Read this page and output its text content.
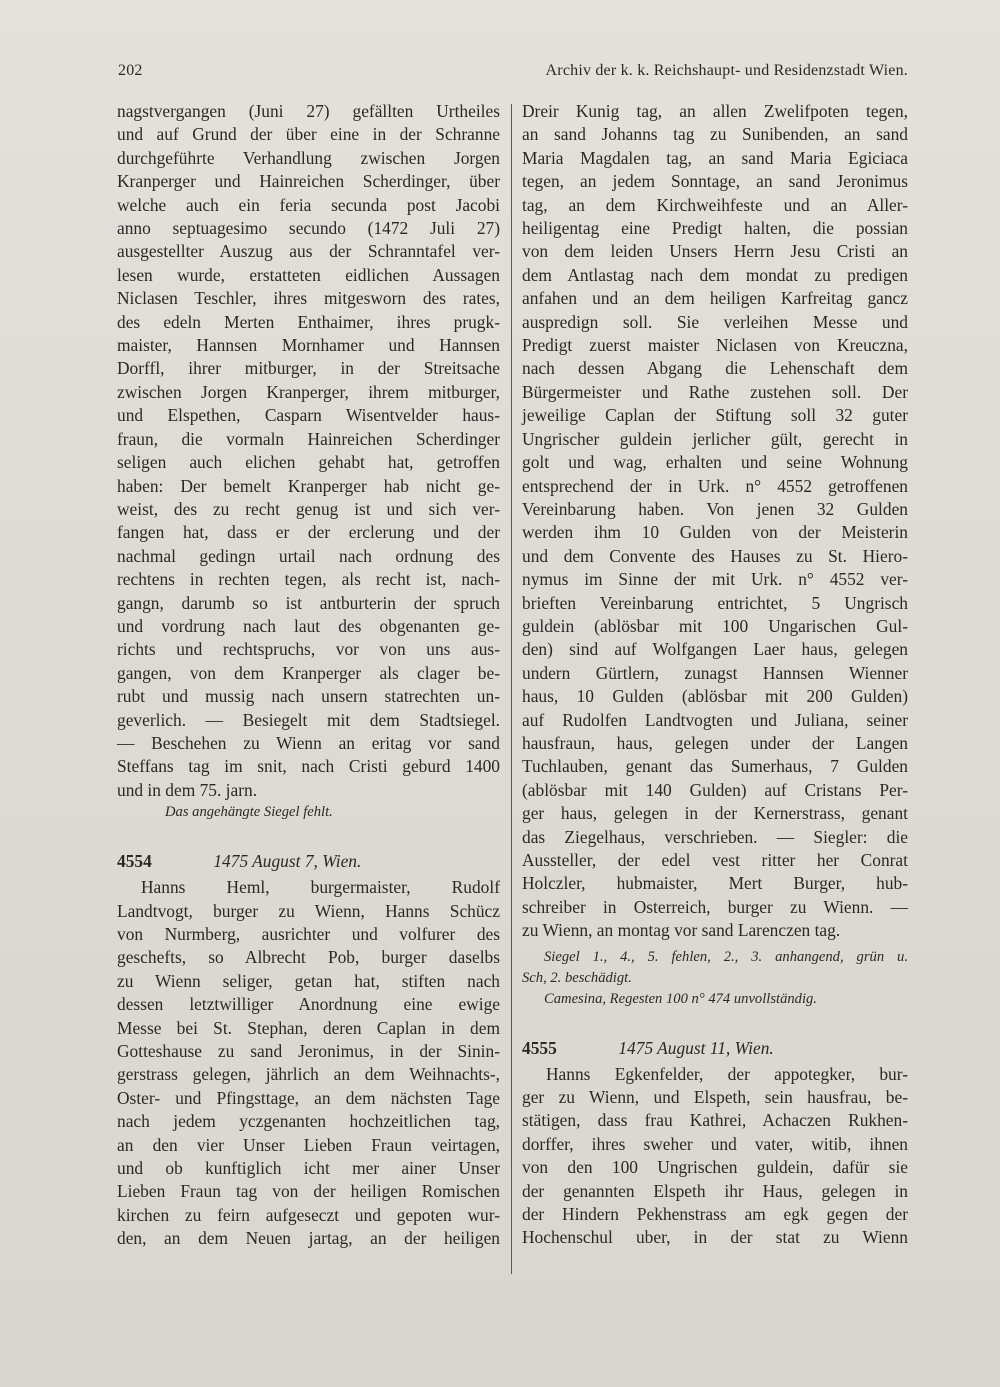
202	Archiv der k. k. Reichshaupt- und Residenzstadt Wien.
nagstvergangen (Juni 27) gefällten Urtheiles
und auf Grund der über eine in der Schranne
durchgeführte Verhandlung zwischen Jorgen
Kranperger und Hainreichen Scherdinger, über
welche auch ein feria secunda post Jacobi
anno septuagesimo secundo (1472 Juli 27)
ausgestellter Auszug aus der Schranntafel ver-
lesen wurde, erstatteten eidlichen Aussagen
Niclasen Teschler, ihres mitgesworn des rates,
des edeln Merten Enthaimer, ihres prugk-
maister, Hannsen Mornhamer und Hannsen
Dorffl, ihrer mitburger, in der Streitsache
zwischen Jorgen Kranperger, ihrem mitburger,
und Elspethen, Casparn Wisentvelder haus-
fraun, die vormaln Hainreichen Scherdinger
seligen auch elichen gehabt hat, getroffen
haben: Der bemelt Kranperger hab nicht ge-
weist, des zu recht genug ist und sich ver-
fangen hat, dass er der erclerung und der
nachmal gedingn urtail nach ordnung des
rechtens in rechten tegen, als recht ist, nach-
gangn, darumb so ist antburterin der spruch
und vordrung nach laut des obgenanten ge-
richts und rechtspruchs, vor von uns aus-
gangen, von dem Kranperger als clager be-
rubt und mussig nach unsern statrechten un-
geverlich. — Besiegelt mit dem Stadtsiegel.
— Beschehen zu Wienn an eritag vor sand
Steffans tag im snit, nach Cristi geburd 1400
und in dem 75. jarn.
Das angehängte Siegel fehlt.
4554	1475 August 7, Wien.
Hanns Heml, burgermaister, Rudolf
Landtvogt, burger zu Wienn, Hanns Schücz
von Nurmberg, ausrichter und volfurer des
geschefts, so Albrecht Pob, burger daselbs
zu Wienn seliger, getan hat, stiften nach
dessen letztwilliger Anordnung eine ewige
Messe bei St. Stephan, deren Caplan in dem
Gotteshause zu sand Jeronimus, in der Sinin-
gerstrass gelegen, jährlich an dem Weihnachts-,
Oster- und Pfingsttage, an dem nächsten Tage
nach jedem yczgenanten hochzeitlichen tag,
an den vier Unser Lieben Fraun veirtagen,
und ob kunftiglich icht mer ainer Unser
Lieben Fraun tag von der heiligen Romischen
kirchen zu feirn aufgeseczt und gepoten wur-
den, an dem Neuen jartag, an der heiligen
Dreir Kunig tag, an allen Zwelifpoten tegen,
an sand Johanns tag zu Sunibenden, an sand
Maria Magdalen tag, an sand Maria Egiciaca
tegen, an jedem Sonntage, an sand Jeronimus
tag, an dem Kirchweihfeste und an Aller-
heiligentag eine Predigt halten, die possian
von dem leiden Unsers Herrn Jesu Cristi an
dem Antlastag nach dem mondat zu predigen
anfahen und an dem heiligen Karfreitag gancz
auspredign soll. Sie verleihen Messe und
Predigt zuerst maister Niclasen von Kreuczna,
nach dessen Abgang die Lehenschaft dem
Bürgermeister und Rathe zustehen soll. Der
jeweilige Caplan der Stiftung soll 32 guter
Ungrischer guldein jerlicher gült, gerecht in
golt und wag, erhalten und seine Wohnung
entsprechend der in Urk. n° 4552 getroffenen
Vereinbarung haben. Von jenen 32 Gulden
werden ihm 10 Gulden von der Meisterin
und dem Convente des Hauses zu St. Hiero-
nymus im Sinne der mit Urk. n° 4552 ver-
brieften Vereinbarung entrichtet, 5 Ungrisch
guldein (ablösbar mit 100 Ungarischen Gul-
den) sind auf Wolfgangen Laer haus, gelegen
undern Gürtlern, zunagst Hannsen Wienner
haus, 10 Gulden (ablösbar mit 200 Gulden)
auf Rudolfen Landtvogten und Juliana, seiner
hausfraun, haus, gelegen under der Langen
Tuchlauben, genant das Sumerhaus, 7 Gulden
(ablösbar mit 140 Gulden) auf Cristans Per-
ger haus, gelegen in der Kernerstrass, genant
das Ziegelhaus, verschrieben. — Siegler: die
Aussteller, der edel vest ritter her Conrat
Holczler, hubmaister, Mert Burger, hub-
schreiber in Osterreich, burger zu Wienn. —
zu Wienn, an montag vor sand Larenczen tag.
Siegel 1., 4., 5. fehlen, 2., 3. anhangend, grün u.
Sch, 2. beschädigt.
Camesina, Regesten 100 n° 474 unvollständig.
4555	1475 August 11, Wien.
Hanns Egkenfelder, der appotegker, bur-
ger zu Wienn, und Elspeth, sein hausfrau, be-
stätigen, dass frau Kathrei, Achaczen Rukhen-
dorffer, ihres sweher und vater, witib, ihnen
von den 100 Ungrischen guldein, dafür sie
der genannten Elspeth ihr Haus, gelegen in
der Hindern Pekhenstrass am egk gegen der
Hochenschul uber, in der stat zu Wienn
